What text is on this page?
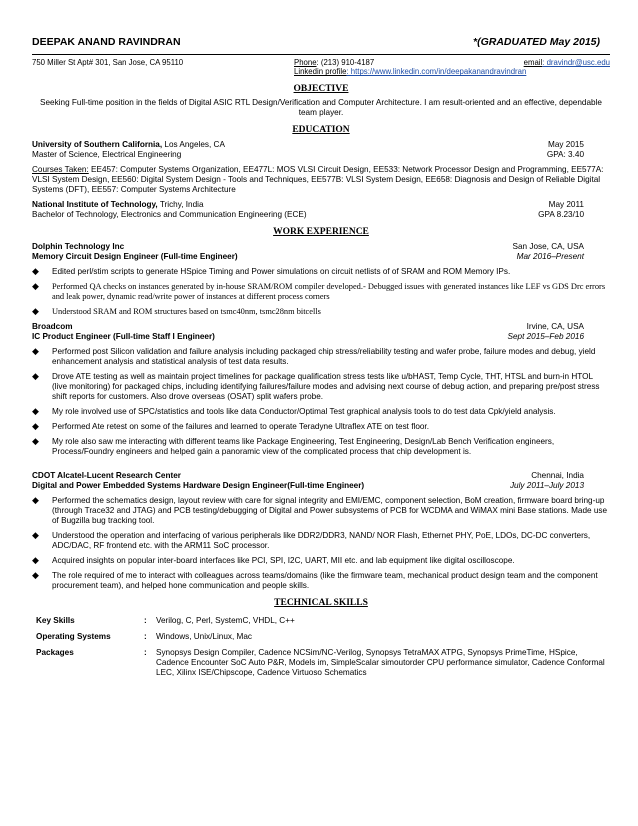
DEEPAK ANAND RAVINDRAN	*(GRADUATED May 2015)
750 Miller St Apt# 301, San Jose, CA 95110	Phone: (213) 910-4187	email: dravindr@usc.edu
Linkedin profile: https://www.linkedin.com/in/deepakanandravindran
OBJECTIVE
Seeking Full-time position in the fields of Digital ASIC RTL Design/Verification and Computer Architecture. I am result-oriented and an effective, dependable team player.
EDUCATION
University of Southern California, Los Angeles, CA	May 2015
Master of Science, Electrical Engineering	GPA: 3.40
Courses Taken: EE457: Computer Systems Organization, EE477L: MOS VLSI Circuit Design, EE533: Network Processor Design and Programming, EE577A: VLSI System Design, EE560: Digital System Design - Tools and Techniques, EE577B: VLSI System Design, EE658: Diagnosis and Design of Reliable Digital Systems (DFT), EE557: Computer Systems Architecture
National Institute of Technology, Trichy, India	May 2011
Bachelor of Technology, Electronics and Communication Engineering (ECE)	GPA 8.23/10
WORK EXPERIENCE
Dolphin Technology Inc	San Jose, CA, USA
Memory Circuit Design Engineer (Full-time Engineer)	Mar 2016–Present
◆	Edited perl/stim scripts to generate HSpice Timing and Power simulations on circuit netlists of of SRAM and ROM Memory IPs.
◆	Performed QA checks on instances generated by in-house SRAM/ROM compiler developed.- Debugged issues with generated instances like LEF vs GDS Drc errors and leak power, dynamic read/write power of instances at different process corners
◆	Understood SRAM and ROM structures based on tsmc40nm, tsmc28nm bitcells
Broadcom	Irvine, CA, USA
IC Product Engineer (Full-time Staff I Engineer)	Sept 2015–Feb 2016
◆	Performed post Silicon validation and failure analysis including packaged chip stress/reliability testing and wafer probe, failure modes and debug, yield enhancement analysis and statistical analysis of test data results.
◆	Drove ATE testing as well as maintain project timelines for package qualification stress tests like u/bHAST, Temp Cycle, THT, HTSL and burn-in HTOL (live monitoring) for packaged chips, including identifying failures/failure modes and advising next course of debug action, and preparing pre/post stress shift reports for customers. Also drove overseas (OSAT) split wafers probe.
◆	My role involved use of SPC/statistics and tools like data Conductor/Optimal Test graphical analysis tools to do test data Cpk/yield analysis.
◆	Performed Ate retest on some of the failures and learned to operate Teradyne Ultraflex ATE on test floor.
◆	My role also saw me interacting with different teams like Package Engineering, Test Engineering, Design/Lab Bench Verification engineers, Process/Foundry engineers and helped gain a panoramic view of the complicated process that chip development is.
CDOT Alcatel-Lucent Research Center	Chennai, India
Digital and Power Embedded Systems Hardware Design Engineer(Full-time Engineer)	July 2011–July 2013
◆	Performed the schematics design, layout review with care for signal integrity and EMI/EMC, component selection, BoM creation, firmware board bring-up (through Trace32 and JTAG) and PCB testing/debugging of Digital and Power subsystems of PCB for WCDMA and WiMAX mini Base stations. Made use of Bugzilla bug tracking tool.
◆	Understood the operation and interfacing of various peripherals like DDR2/DDR3, NAND/ NOR Flash, Ethernet PHY, PoE, LDOs, DC-DC converters, ADC/DAC, RF frontend etc. with the ARM11 SoC processor.
◆	Acquired insights on popular inter-board interfaces like PCI, SPI, I2C, UART, MII etc. and lab equipment like digital oscilloscope.
◆	The role required of me to interact with colleagues across teams/domains (like the firmware team, mechanical product design team and the component procurement team), and helped hone communication and people skills.
TECHNICAL SKILLS
Key Skills	:	Verilog, C, Perl, SystemC, VHDL, C++
Operating Systems	:	Windows, Unix/Linux, Mac
Packages	:	Synopsys Design Compiler, Cadence NCSim/NC-Verilog, Synopsys TetraMAX ATPG, Synopsys PrimeTime, HSpice, Cadence Encounter SoC Auto P&R, Models im, SimpleScalar simoutorder CPU performance simulator, Cadence Conformal LEC, Xilinx ISE/Chipscope, Cadence Virtuoso Schematics
